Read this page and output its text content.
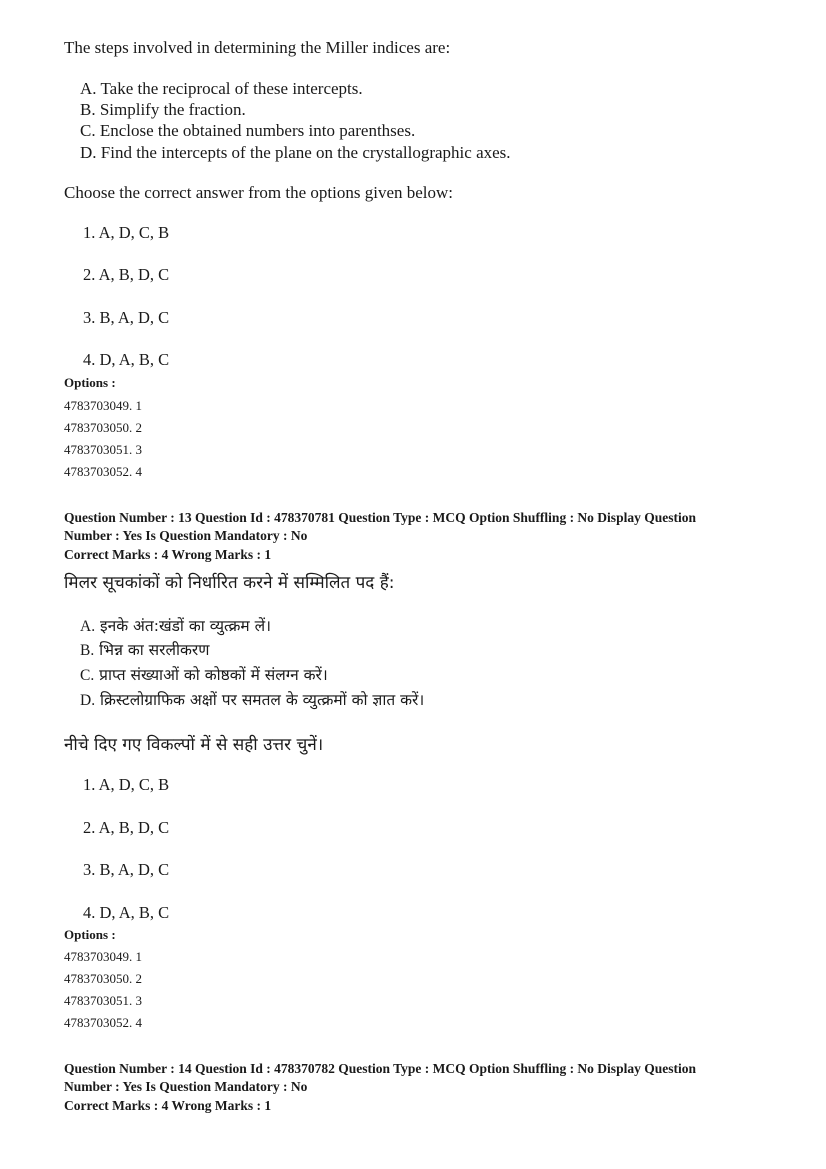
The steps involved in determining the Miller indices are:
A. Take the reciprocal of these intercepts.
B. Simplify the fraction.
C. Enclose the obtained numbers into parenthses.
D. Find the intercepts of the plane on the crystallographic axes.
Choose the correct answer from the options given below:
1. A, D, C, B
2. A, B, D, C
3. B, A, D, C
4. D, A, B, C
Options :
4783703049. 1
4783703050. 2
4783703051. 3
4783703052. 4
Question Number : 13 Question Id : 478370781 Question Type : MCQ Option Shuffling : No Display Question
Number : Yes Is Question Mandatory : No
Correct Marks : 4 Wrong Marks : 1
मिलर सूचकांकों को निर्धारित करने में सम्मिलित पद हैं:
A. इनके अंत:खंडों का व्युत्क्रम लें।
B. भिन्न का सरलीकरण
C. प्राप्त संख्याओं को कोष्ठकों में संलग्न करें।
D. क्रिस्टलोग्राफिक अक्षों पर समतल के व्युत्क्रमों को ज्ञात करें।
नीचे दिए गए विकल्पों में से सही उत्तर चुनें।
1. A, D, C, B
2. A, B, D, C
3. B, A, D, C
4. D, A, B, C
Options :
4783703049. 1
4783703050. 2
4783703051. 3
4783703052. 4
Question Number : 14 Question Id : 478370782 Question Type : MCQ Option Shuffling : No Display Question
Number : Yes Is Question Mandatory : No
Correct Marks : 4 Wrong Marks : 1
